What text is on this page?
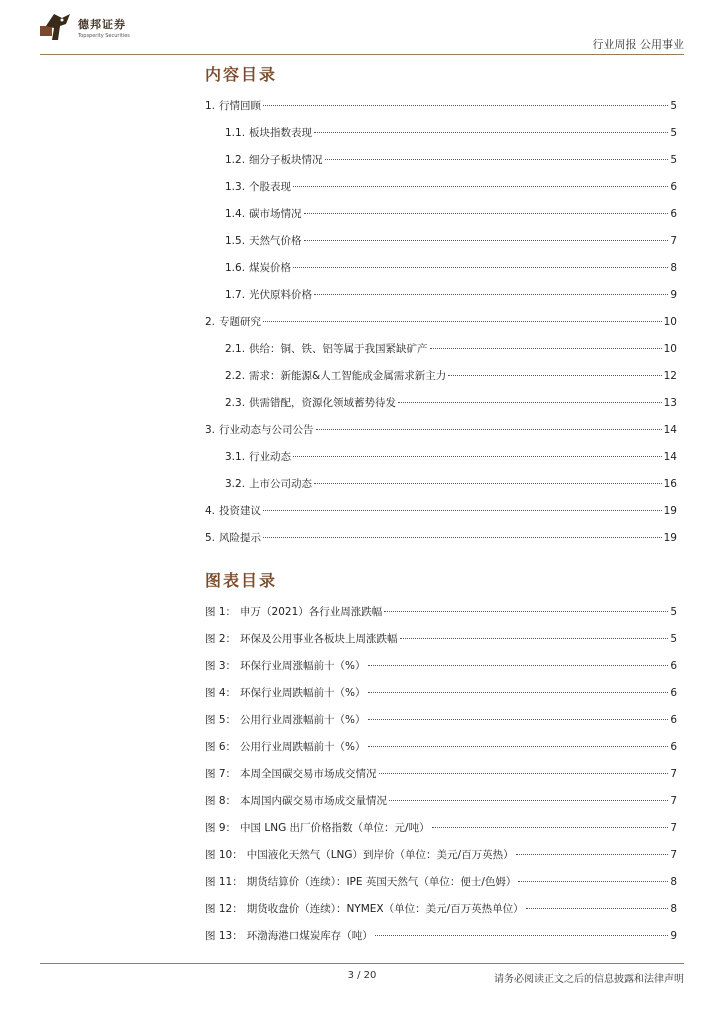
德邦证券
Topsperity Securities
行业周报 公用事业
内容目录
1. 行情回顾	5
1.1. 板块指数表现	5
1.2. 细分子板块情况	5
1.3. 个股表现	6
1.4. 碳市场情况	6
1.5. 天然气价格	7
1.6. 煤炭价格	8
1.7. 光伏原料价格	9
2. 专题研究	10
2.1. 供给：铜、铁、铝等属于我国紧缺矿产	10
2.2. 需求：新能源&人工智能成金属需求新主力	12
2.3. 供需错配，资源化领域蓄势待发	13
3. 行业动态与公司公告	14
3.1. 行业动态	14
3.2. 上市公司动态	16
4. 投资建议	19
5. 风险提示	19
图表目录
图 1： 申万（2021）各行业周涨跌幅	5
图 2： 环保及公用事业各板块上周涨跌幅	5
图 3： 环保行业周涨幅前十（%）	6
图 4： 环保行业周跌幅前十（%）	6
图 5： 公用行业周涨幅前十（%）	6
图 6： 公用行业周跌幅前十（%）	6
图 7： 本周全国碳交易市场成交情况	7
图 8： 本周国内碳交易市场成交量情况	7
图 9： 中国 LNG 出厂价格指数（单位：元/吨）	7
图 10： 中国液化天然气（LNG）到岸价（单位：美元/百万英热）	7
图 11： 期货结算价（连续）：IPE 英国天然气（单位：便士/色姆）	8
图 12： 期货收盘价（连续）：NYMEX（单位：美元/百万英热单位）	8
图 13： 环渤海港口煤炭库存（吨）	9
3 / 20	请务必阅读正文之后的信息披露和法律声明
